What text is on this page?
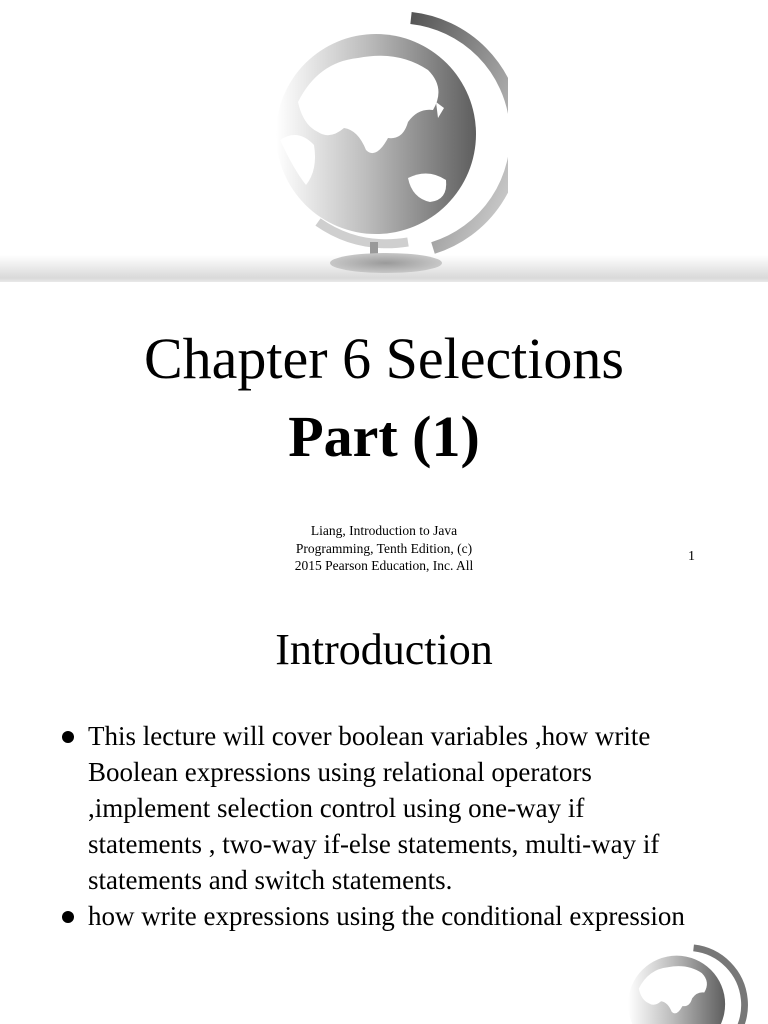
Chapter 6 Selections
Part (1)
Liang, Introduction to Java
Programming, Tenth Edition, (c)
2015 Pearson Education, Inc. All
1
Introduction
This lecture will cover boolean variables ,how write Boolean expressions using relational operators ,implement selection control using one-way if statements , two-way if-else statements, multi-way if statements and switch statements.
how write expressions using the conditional expression
